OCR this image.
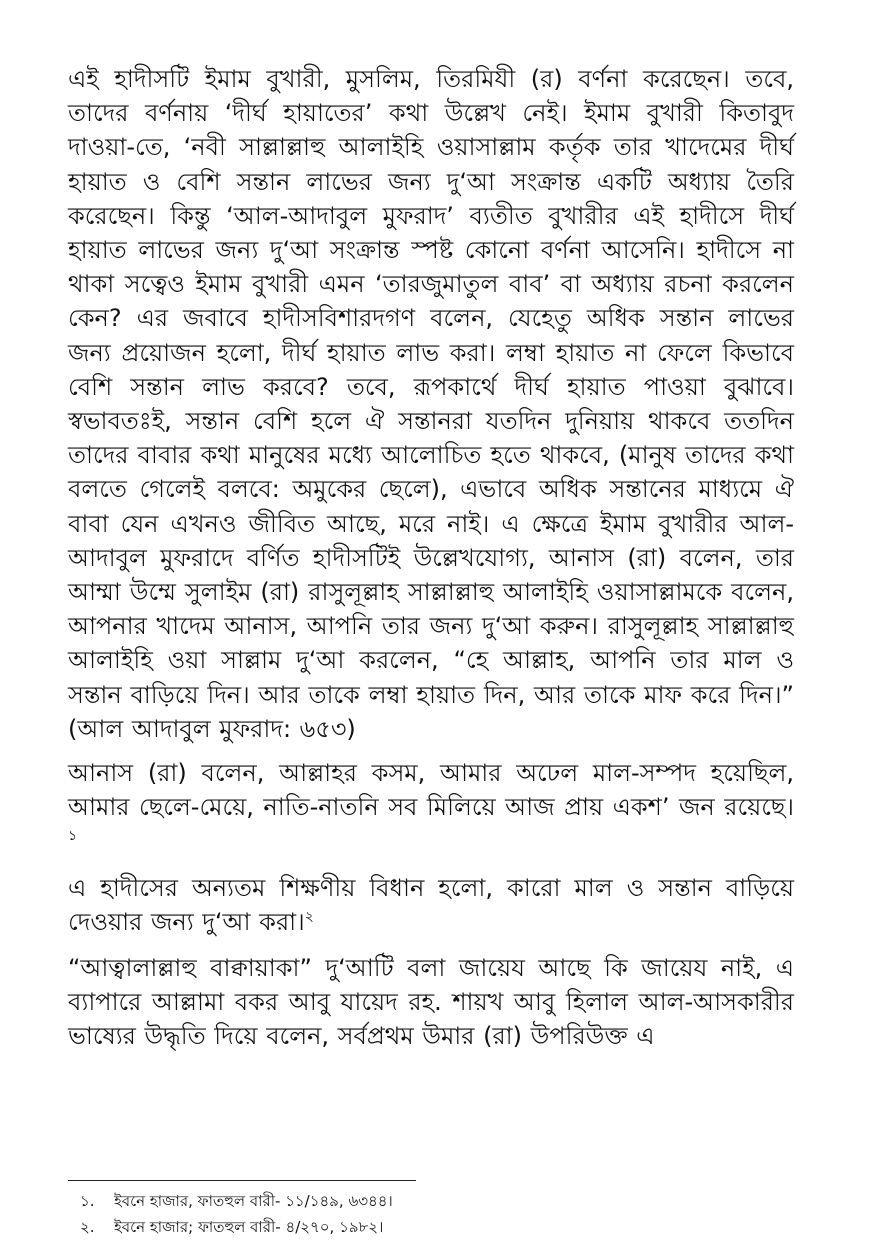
এই হাদীসটি ইমাম বুখারী, মুসলিম, তিরমিযী (র) বর্ণনা করেছেন। তবে, তাদের বর্ণনায় ‘দীর্ঘ হায়াতের’ কথা উল্লেখ নেই। ইমাম বুখারী কিতাবুদ দাওয়া-তে, ‘নবী সাল্লাল্লাহু আলাইহি ওয়াসাল্লাম কর্তৃক তার খাদেমের দীর্ঘ হায়াত ও বেশি সন্তান লাভের জন্য দু‘আ সংক্রান্ত একটি অধ্যায় তৈরি করেছেন। কিন্তু ‘আল-আদাবুল মুফরাদ’ ব্যতীত বুখারীর এই হাদীসে দীর্ঘ হায়াত লাভের জন্য দু‘আ সংক্রান্ত স্পষ্ট কোনো বর্ণনা আসেনি। হাদীসে না থাকা সত্বেও ইমাম বুখারী এমন ‘তারজুমাতুল বাব’ বা অধ্যায় রচনা করলেন কেন? এর জবাবে হাদীসবিশারদগণ বলেন, যেহেতু অধিক সন্তান লাভের জন্য প্রয়োজন হলো, দীর্ঘ হায়াত লাভ করা। লম্বা হায়াত না ফেলে কিভাবে বেশি সন্তান লাভ করবে? তবে, রূপকার্থে দীর্ঘ হায়াত পাওয়া বুঝাবে। স্বভাবতঃই, সন্তান বেশি হলে ঐ সন্তানরা যতদিন দুনিয়ায় থাকবে ততদিন তাদের বাবার কথা মানুষের মধ্যে আলোচিত হতে থাকবে, (মানুষ তাদের কথা বলতে গেলেই বলবে: অমুকের ছেলে), এভাবে অধিক সন্তানের মাধ্যমে ঐ বাবা যেন এখনও জীবিত আছে, মরে নাই। এ ক্ষেত্রে ইমাম বুখারীর আল-আদাবুল মুফরাদে বর্ণিত হাদীসটিই উল্লেখযোগ্য, আনাস (রা) বলেন, তার আম্মা উম্মে সুলাইম (রা) রাসুলূল্লাহ সাল্লাল্লাহু আলাইহি ওয়াসাল্লামকে বলেন, আপনার খাদেম আনাস, আপনি তার জন্য দু‘আ করুন। রাসুলূল্লাহ সাল্লাল্লাহু আলাইহি ওয়া সাল্লাম দু‘আ করলেন, “হে আল্লাহ, আপনি তার মাল ও সন্তান বাড়িয়ে দিন। আর তাকে লম্বা হায়াত দিন, আর তাকে মাফ করে দিন।” (আল আদাবুল মুফরাদ: ৬৫৩)

আনাস (রা) বলেন, আল্লাহর কসম, আমার অঢেল মাল-সম্পদ হয়েছিল, আমার ছেলে-মেয়ে, নাতি-নাতনি সব মিলিয়ে আজ প্রায় একশ’ জন রয়েছে।$^১$

এ হাদীসের অন্যতম শিক্ষণীয় বিধান হলো, কারো মাল ও সন্তান বাড়িয়ে দেওয়ার জন্য দু‘আ করা।$^২$

“আত্বালাল্লাহু বাক্বায়াকা” দু‘আটি বলা জায়েয আছে কি জায়েয নাই, এ ব্যাপারে আল্লামা বকর আবু যায়েদ রহ. শায়খ আবু হিলাল আল-আসকারীর ভাষ্যের উদ্ধৃতি দিয়ে বলেন, সর্বপ্রথম উমার (রা) উপরিউক্ত এ

১.	ইবনে হাজার, ফাতহুল বারী- ১১/১৪৯, ৬৩৪৪।
২.	ইবনে হাজার; ফাতহুল বারী- ৪/২৭০, ১৯৮২।
